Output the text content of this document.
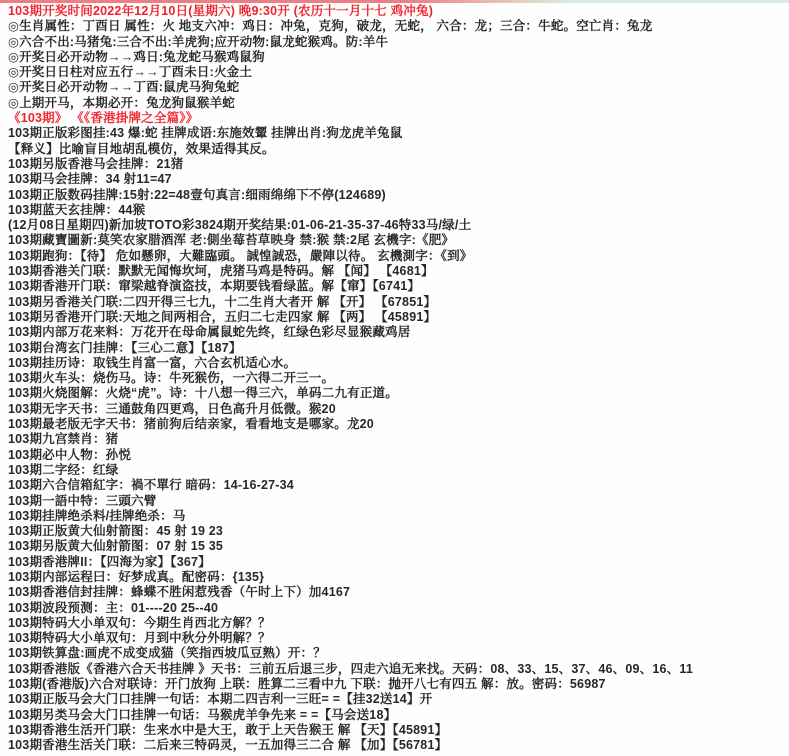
103期开奖时间2022年12月10日(星期六) 晚9:30开 (农历十一月十七 鸡冲兔)
◎生肖属性：丁酉日 属性：火 地支六冲：鸡日：冲兔，克狗，破龙，无蛇， 六合：龙；三合：牛蛇。空亡肖：兔龙
◎六合不出:马猪兔:三合不出:羊虎狗;应开动物:鼠龙蛇猴鸡。防:羊牛
◎开奖日必开动物→→鸡日:兔龙蛇马猴鸡鼠狗
◎开奖日日柱对应五行→→丁酉未日:火金土
◎开奖日必开动物→→丁酉:鼠虎马狗兔蛇
◎上期开马，本期必开：兔龙狗鼠猴羊蛇
《103期》 《《香港掛牌之全篇》》
103期正版彩图挂:43 爆:蛇 挂牌成语:东施效颦 挂牌出肖:狗龙虎羊兔鼠
【释义】比喻盲目地胡乱模仿，效果适得其反。
103期另版香港马会挂牌：21猪
103期马会挂牌：34 射11=47
103期正版数码挂牌:15射:22=48壹句真言:细雨绵绵下不停(124689)
103期蓝天玄挂牌：44猴
(12月08日星期四)新加坡TOTO彩3824期开奖结果:01-06-21-35-37-46特33马/绿/土
103期藏寶圖新:莫笑农家腊酒浑 老:側坐莓苔草映身 禁:猴 禁:2尾 玄機字:《肥》
103期跑狗：【待】 危如懸卵，大難臨頭。 誠惶誠恐，嚴陣以待。 玄機測字：《到》
103期香港关门联：默默无闻悔坎坷，虎猪马鸡是特码。解 【闻】 【4681】
103期香港开门联：窜梁越脊演盗技，本期要钱看绿蓝。解【窜】【6741】
103期另香港关门联:二四开得三七九，十二生肖大者开 解 【开】 【67851】
103期另香港开门联:天地之间两相合，五归二七走四家 解 【两】 【45891】
103期内部万花来料：万花开在母命属鼠蛇先终，红绿色彩尽显猴藏鸡居
103期台湾玄门挂牌：【三心二意】【187】
103期挂历诗：取钱生肖富一富，六合玄机适心水。
103期火车头：烧伤马。诗：牛死猴伤，一六得二开三一。
103期火烧图解：火烧“虎”。诗：十八想一得三六，单码二九有正道。
103期无字天书：三通鼓角四更鸡，日色高升月低微。猴20
103期最老版无字天书：猪前狗后结亲家，看看地支是哪家。龙20
103期九宫禁肖：猪
103期必中人物：孙悦
103期二字经：红绿
103期六合信箱紅字：禍不單行 暗码：14-16-27-34
103期一語中特：三頭六臂
103期挂牌绝杀料/挂牌绝杀：马
103期正版黄大仙射箭图：45 射 19 23
103期另版黄大仙射箭图：07 射 15 35
103期香港牌II：【四海为家】【367】
103期内部运程曰：好梦成真。配密码：{135}
103期香港信封挂牌：蜂蝶不胜闲惹残香（午时上下）加4167
103期波段预测：主：01----20 25--40
103期特码大小单双句：今期生肖西北方解？？
103期特码大小单双句：月到中秋分外明解？？
103期铁算盘:画虎不成变成猫（笑指西坡瓜豆熟）开：？
103期香港版《香港六合天书挂牌 》天书：三前五后退三步，四走六追无来找。天码：08、33、15、37、46、09、16、11
103期(香港版)六合对联诗：开门放狗 上联：胜算二三看中九 下联：抛开八七有四五 解：放。密码：56987
103期正版马会大门口挂牌一句话：本期二四吉利一三旺= =【挂32送14】开
103期另类马会大门口挂牌一句话：马猴虎羊争先来 = =【马会送18】
103期香港生活开门联：生来水中是大王，敢于上天告猴王 解 【天】【45891】
103期香港生活关门联：二后来三特码灵，一五加得三二合 解 【加】【56781】
